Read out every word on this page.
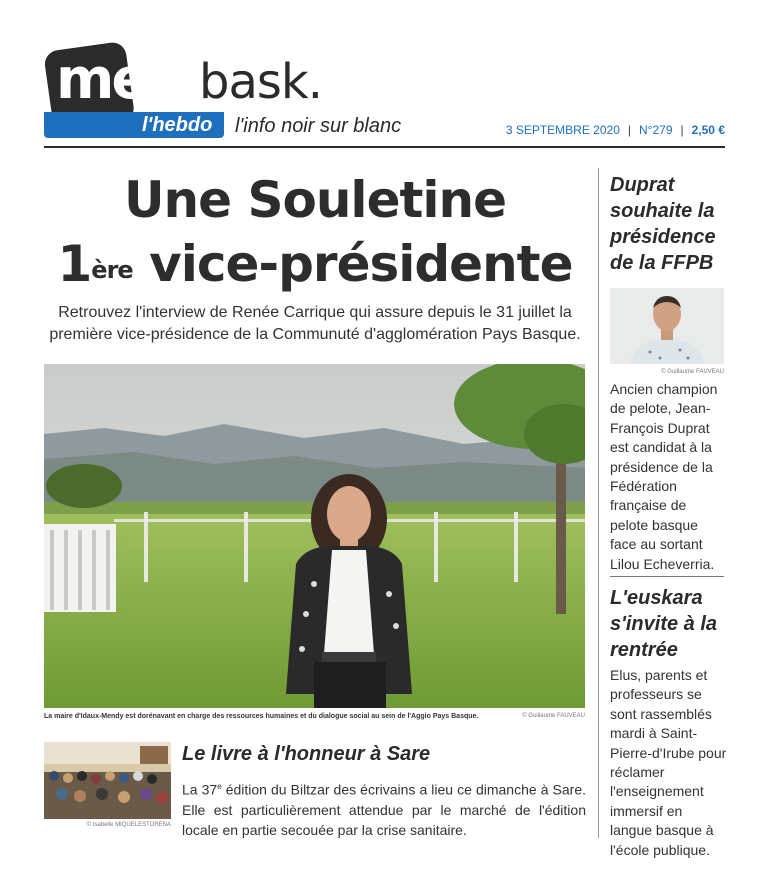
media
bask.
l'hebdo l'info noir sur blanc	3 SEPTEMBRE 2020 | N°279 | 2,50 €
Une Souletine
1ère vice-présidente
Retrouvez l'interview de Renée Carrique qui assure depuis le 31 juillet la première vice-présidence de la Communuté d'agglomération Pays Basque.
La maire d'Idaux-Mendy est dorénavant en charge des ressources humaines et du dialogue social au sein de l'Aggio Pays Basque.	© Guillaume FAUVEAU
© Isabelle MIQUELESTORENA
Le livre à l'honneur à Sare
La 37e édition du Biltzar des écrivains a lieu ce dimanche à Sare. Elle est particulièrement attendue par le marché de l'édition locale en partie secouée par la crise sanitaire.
Duprat souhaite la présidence de la FFPB
© Guillaume FAUVEAU
Ancien champion de pelote, Jean-François Duprat est candidat à la présidence de la Fédération française de pelote basque face au sortant Lilou Echeverria.
L'euskara s'invite à la rentrée
Elus, parents et professeurs se sont rassemblés mardi à Saint-Pierre-d'Irube pour réclamer l'enseignement immersif en langue basque à l'école publique.
